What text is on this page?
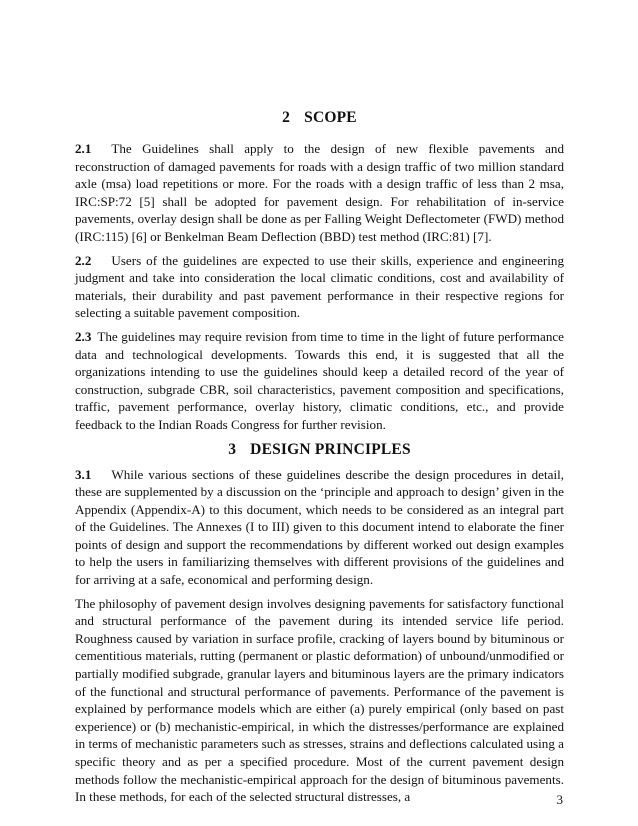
2 SCOPE

2.1 The Guidelines shall apply to the design of new flexible pavements and reconstruction of damaged pavements for roads with a design traffic of two million standard axle (msa) load repetitions or more. For the roads with a design traffic of less than 2 msa, IRC:SP:72 [5] shall be adopted for pavement design. For rehabilitation of in-service pavements, overlay design shall be done as per Falling Weight Deflectometer (FWD) method (IRC:115) [6] or Benkelman Beam Deflection (BBD) test method (IRC:81) [7].

2.2 Users of the guidelines are expected to use their skills, experience and engineering judgment and take into consideration the local climatic conditions, cost and availability of materials, their durability and past pavement performance in their respective regions for selecting a suitable pavement composition.

2.3 The guidelines may require revision from time to time in the light of future performance data and technological developments. Towards this end, it is suggested that all the organizations intending to use the guidelines should keep a detailed record of the year of construction, subgrade CBR, soil characteristics, pavement composition and specifications, traffic, pavement performance, overlay history, climatic conditions, etc., and provide feedback to the Indian Roads Congress for further revision.

3 DESIGN PRINCIPLES

3.1 While various sections of these guidelines describe the design procedures in detail, these are supplemented by a discussion on the ‘principle and approach to design’ given in the Appendix (Appendix-A) to this document, which needs to be considered as an integral part of the Guidelines. The Annexes (I to III) given to this document intend to elaborate the finer points of design and support the recommendations by different worked out design examples to help the users in familiarizing themselves with different provisions of the guidelines and for arriving at a safe, economical and performing design.

The philosophy of pavement design involves designing pavements for satisfactory functional and structural performance of the pavement during its intended service life period. Roughness caused by variation in surface profile, cracking of layers bound by bituminous or cementitious materials, rutting (permanent or plastic deformation) of unbound/unmodified or partially modified subgrade, granular layers and bituminous layers are the primary indicators of the functional and structural performance of pavements. Performance of the pavement is explained by performance models which are either (a) purely empirical (only based on past experience) or (b) mechanistic-empirical, in which the distresses/performance are explained in terms of mechanistic parameters such as stresses, strains and deflections calculated using a specific theory and as per a specified procedure. Most of the current pavement design methods follow the mechanistic-empirical approach for the design of bituminous pavements. In these methods, for each of the selected structural distresses, a	3
